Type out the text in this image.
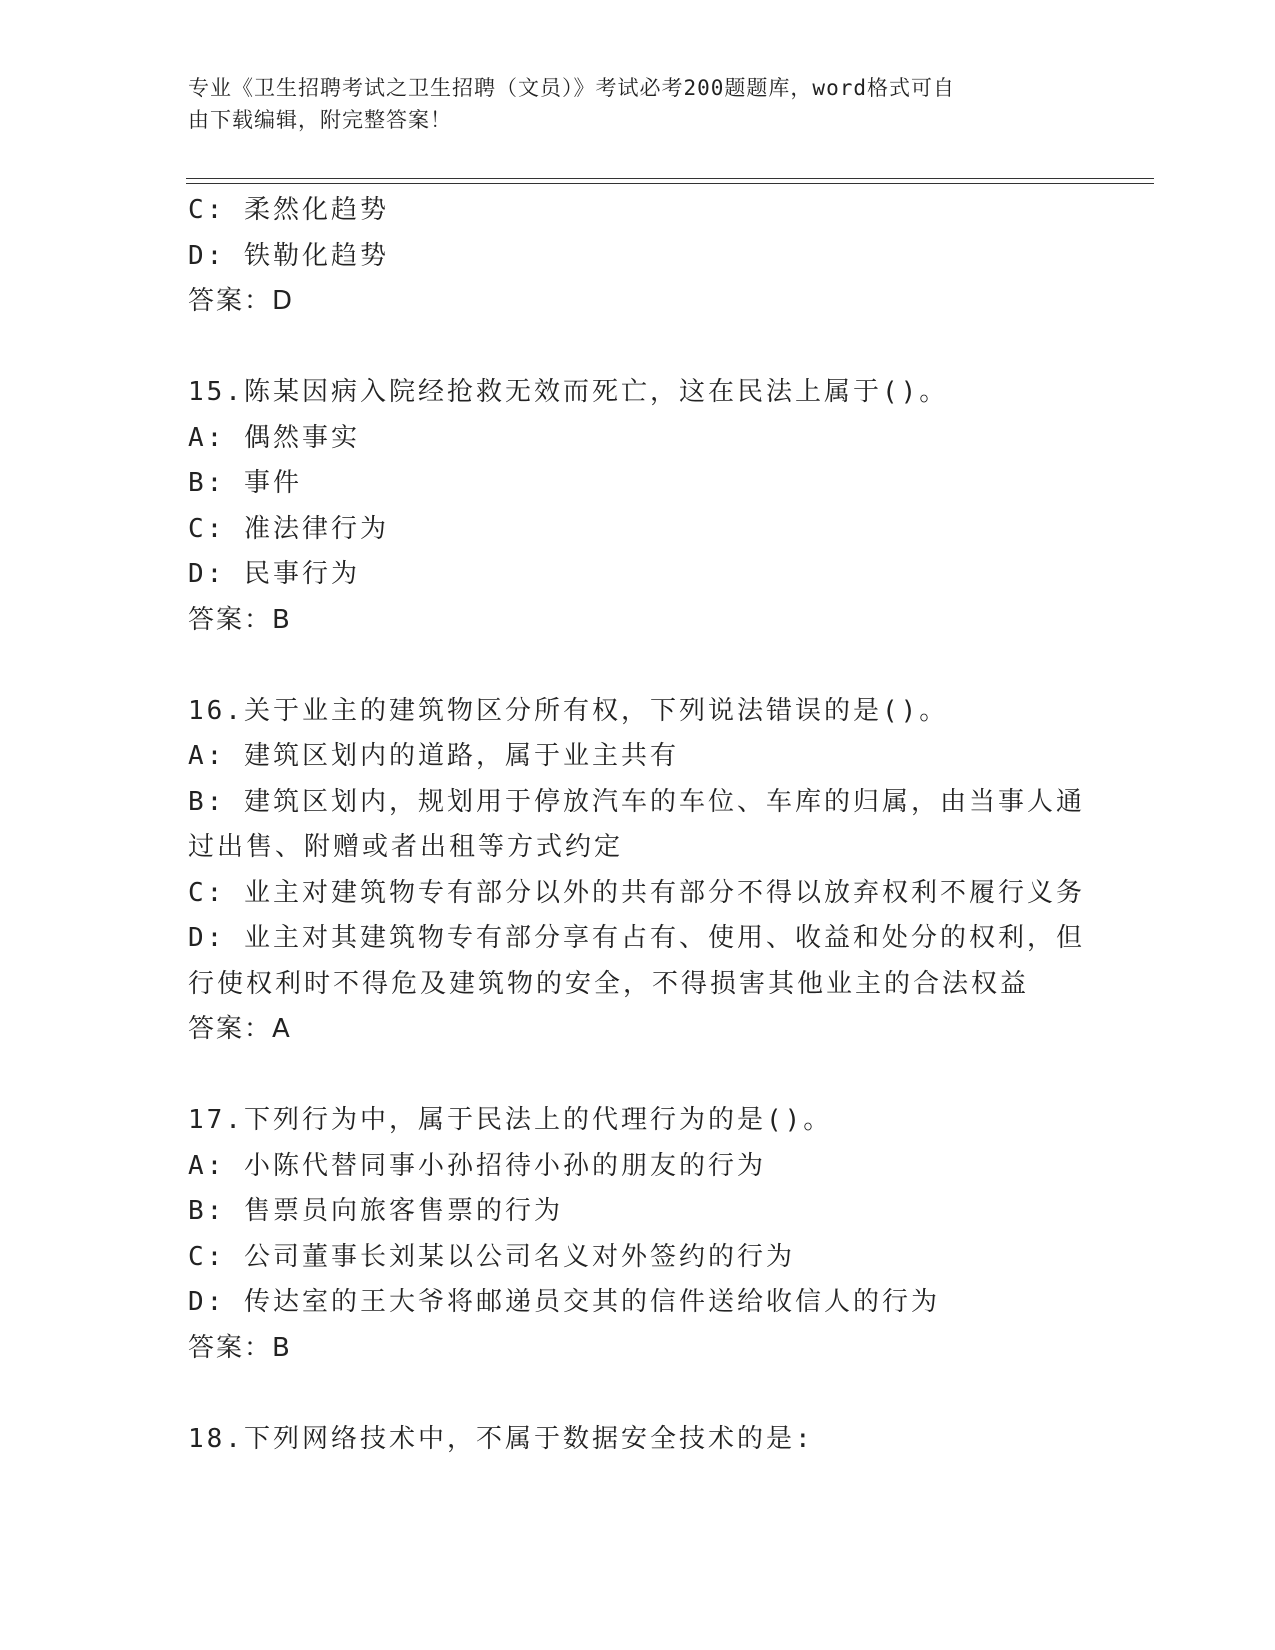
专业《卫生招聘考试之卫生招聘（文员）》考试必考200题题库，word格式可自
由下载编辑，附完整答案！
C: 柔然化趋势
D: 铁勒化趋势
答案：D
15.陈某因病入院经抢救无效而死亡，这在民法上属于()。
A: 偶然事实
B: 事件
C: 准法律行为
D: 民事行为
答案：B
16.关于业主的建筑物区分所有权，下列说法错误的是()。
A: 建筑区划内的道路，属于业主共有
B: 建筑区划内，规划用于停放汽车的车位、车库的归属，由当事人通
过出售、附赠或者出租等方式约定
C: 业主对建筑物专有部分以外的共有部分不得以放弃权利不履行义务
D: 业主对其建筑物专有部分享有占有、使用、收益和处分的权利，但
行使权利时不得危及建筑物的安全，不得损害其他业主的合法权益
答案：A
17.下列行为中，属于民法上的代理行为的是()。
A: 小陈代替同事小孙招待小孙的朋友的行为
B: 售票员向旅客售票的行为
C: 公司董事长刘某以公司名义对外签约的行为
D: 传达室的王大爷将邮递员交其的信件送给收信人的行为
答案：B
18.下列网络技术中，不属于数据安全技术的是:
